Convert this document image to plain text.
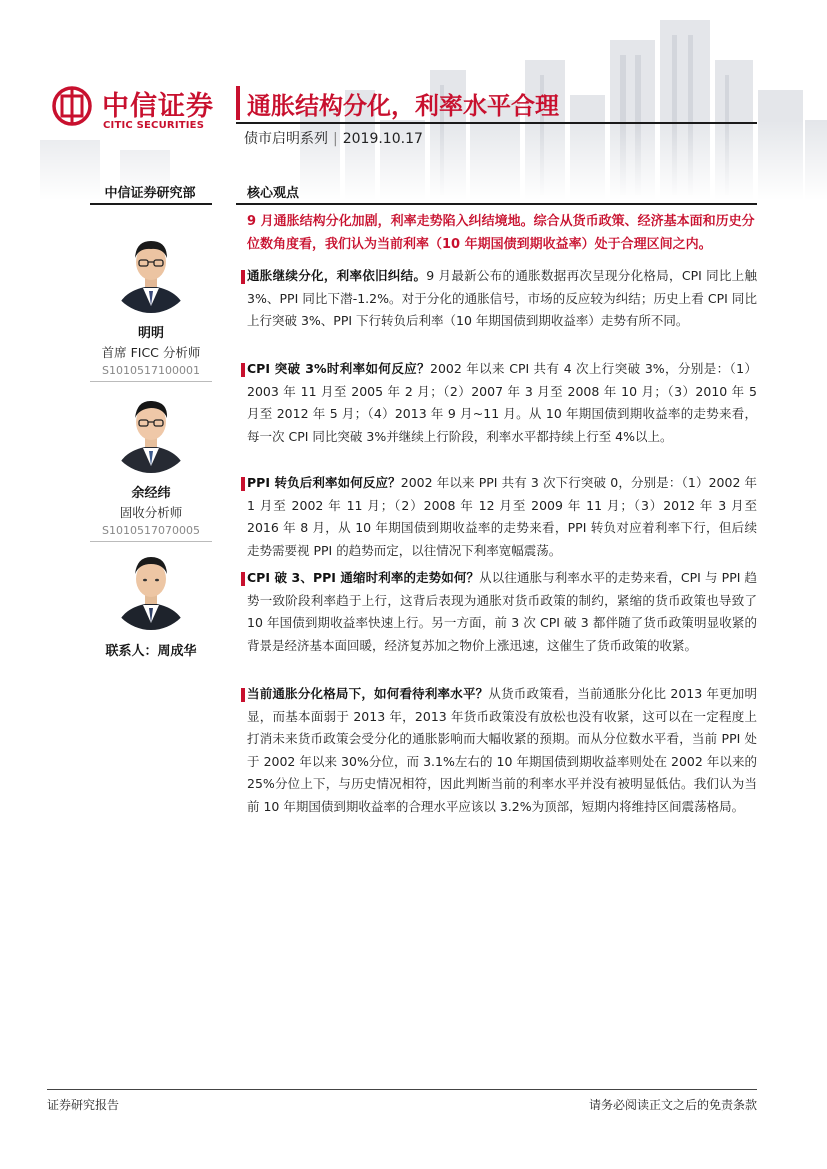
中信证券
CITIC SECURITIES
通胀结构分化，利率水平合理
债市启明系列 | 2019.10.17
中信证券研究部	核心观点
明明
首席 FICC 分析师
S1010517100001
余经纬
固收分析师
S1010517070005
联系人：周成华
9 月通胀结构分化加剧，利率走势陷入纠结境地。综合从货币政策、经济基本面和历史分位数角度看，我们认为当前利率（10 年期国债到期收益率）处于合理区间之内。
通胀继续分化，利率依旧纠结。9 月最新公布的通胀数据再次呈现分化格局，CPI 同比上触 3%、PPI 同比下潜-1.2%。对于分化的通胀信号，市场的反应较为纠结；历史上看 CPI 同比上行突破 3%、PPI 下行转负后利率（10 年期国债到期收益率）走势有所不同。
CPI 突破 3%时利率如何反应？2002 年以来 CPI 共有 4 次上行突破 3%，分别是：（1）2003 年 11 月至 2005 年 2 月；（2）2007 年 3 月至 2008 年 10 月；（3）2010 年 5 月至 2012 年 5 月；（4）2013 年 9 月~11 月。从 10 年期国债到期收益率的走势来看，每一次 CPI 同比突破 3%并继续上行阶段，利率水平都持续上行至 4%以上。
PPI 转负后利率如何反应？2002 年以来 PPI 共有 3 次下行突破 0，分别是：（1）2002 年 1 月至 2002 年 11 月；（2）2008 年 12 月至 2009 年 11 月；（3）2012 年 3 月至 2016 年 8 月，从 10 年期国债到期收益率的走势来看，PPI 转负对应着利率下行，但后续走势需要视 PPI 的趋势而定，以往情况下利率宽幅震荡。
CPI 破 3、PPI 通缩时利率的走势如何？从以往通胀与利率水平的走势来看，CPI 与 PPI 趋势一致阶段利率趋于上行，这背后表现为通胀对货币政策的制约，紧缩的货币政策也导致了 10 年国债到期收益率快速上行。另一方面，前 3 次 CPI 破 3 都伴随了货币政策明显收紧的背景是经济基本面回暖，经济复苏加之物价上涨迅速，这催生了货币政策的收紧。
当前通胀分化格局下，如何看待利率水平？从货币政策看，当前通胀分化比 2013 年更加明显，而基本面弱于 2013 年，2013 年货币政策没有放松也没有收紧，这可以在一定程度上打消未来货币政策会受分化的通胀影响而大幅收紧的预期。而从分位数水平看，当前 PPI 处于 2002 年以来 30%分位，而 3.1%左右的 10 年期国债到期收益率则处在 2002 年以来的 25%分位上下，与历史情况相符，因此判断当前的利率水平并没有被明显低估。我们认为当前 10 年期国债到期收益率的合理水平应该以 3.2%为顶部，短期内将维持区间震荡格局。
证券研究报告	请务必阅读正文之后的免责条款
